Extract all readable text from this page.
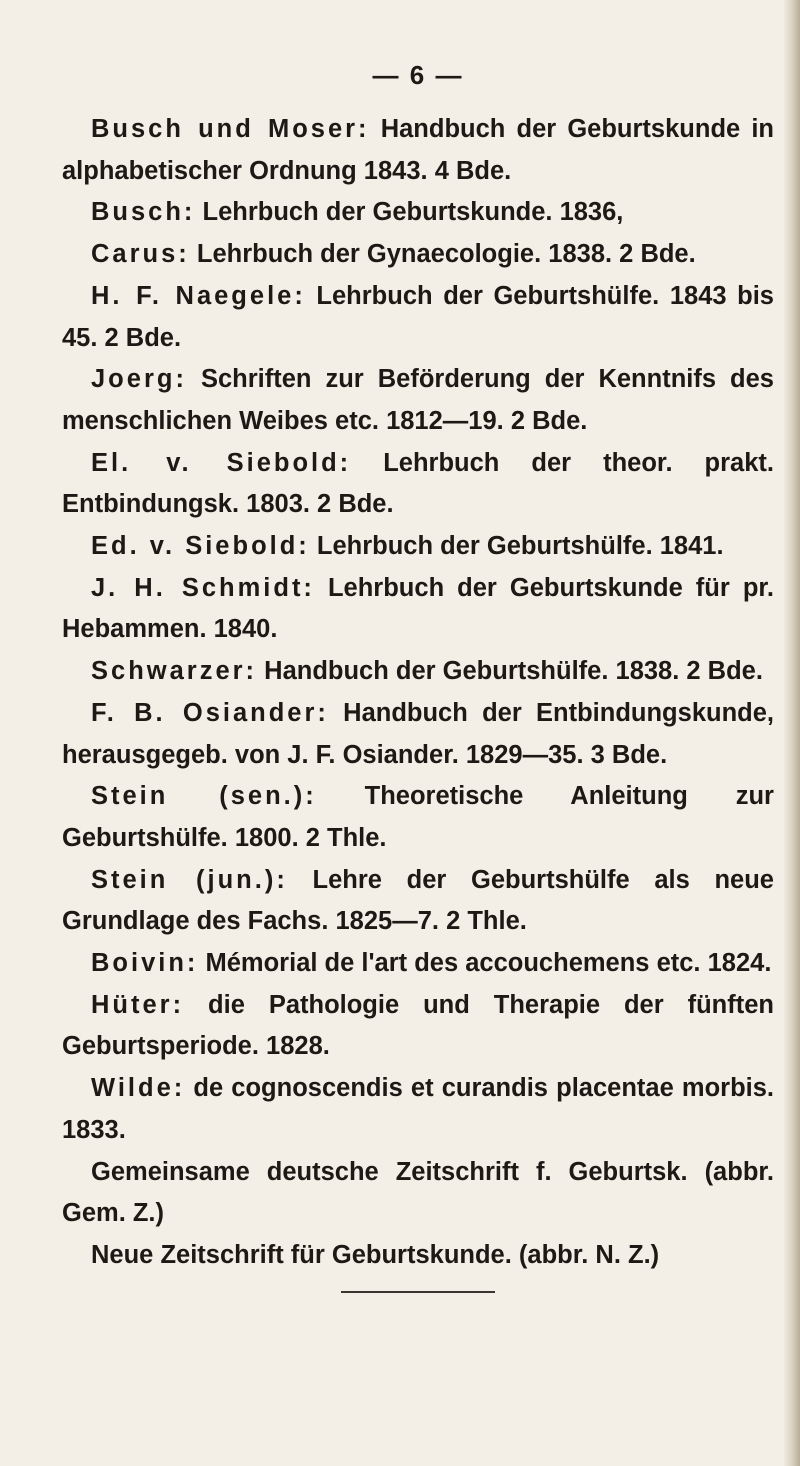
— 6 —

Busch und Moser: Handbuch der Geburtskunde in alphabetischer Ordnung 1843. 4 Bde.

Busch: Lehrbuch der Geburtskunde. 1836,

Carus: Lehrbuch der Gynaecologie. 1838. 2 Bde.

H. F. Naegele: Lehrbuch der Geburtshülfe. 1843 bis 45. 2 Bde.

Joerg: Schriften zur Beförderung der Kenntnifs des menschlichen Weibes etc. 1812—19. 2 Bde.

El. v. Siebold: Lehrbuch der theor. prakt. Entbindungsk. 1803. 2 Bde.

Ed. v. Siebold: Lehrbuch der Geburtshülfe. 1841.

J. H. Schmidt: Lehrbuch der Geburtskunde für pr. Hebammen. 1840.

Schwarzer: Handbuch der Geburtshülfe. 1838. 2 Bde.

F. B. Osiander: Handbuch der Entbindungskunde, herausgegeb. von J. F. Osiander. 1829—35. 3 Bde.

Stein (sen.): Theoretische Anleitung zur Geburtshülfe. 1800. 2 Thle.

Stein (jun.): Lehre der Geburtshülfe als neue Grundlage des Fachs. 1825—7. 2 Thle.

Boivin: Mémorial de l'art des accouchemens etc. 1824.

Hüter: die Pathologie und Therapie der fünften Geburtsperiode. 1828.

Wilde: de cognoscendis et curandis placentae morbis. 1833.

Gemeinsame deutsche Zeitschrift f. Geburtsk. (abbr. Gem. Z.)

Neue Zeitschrift für Geburtskunde. (abbr. N. Z.)
